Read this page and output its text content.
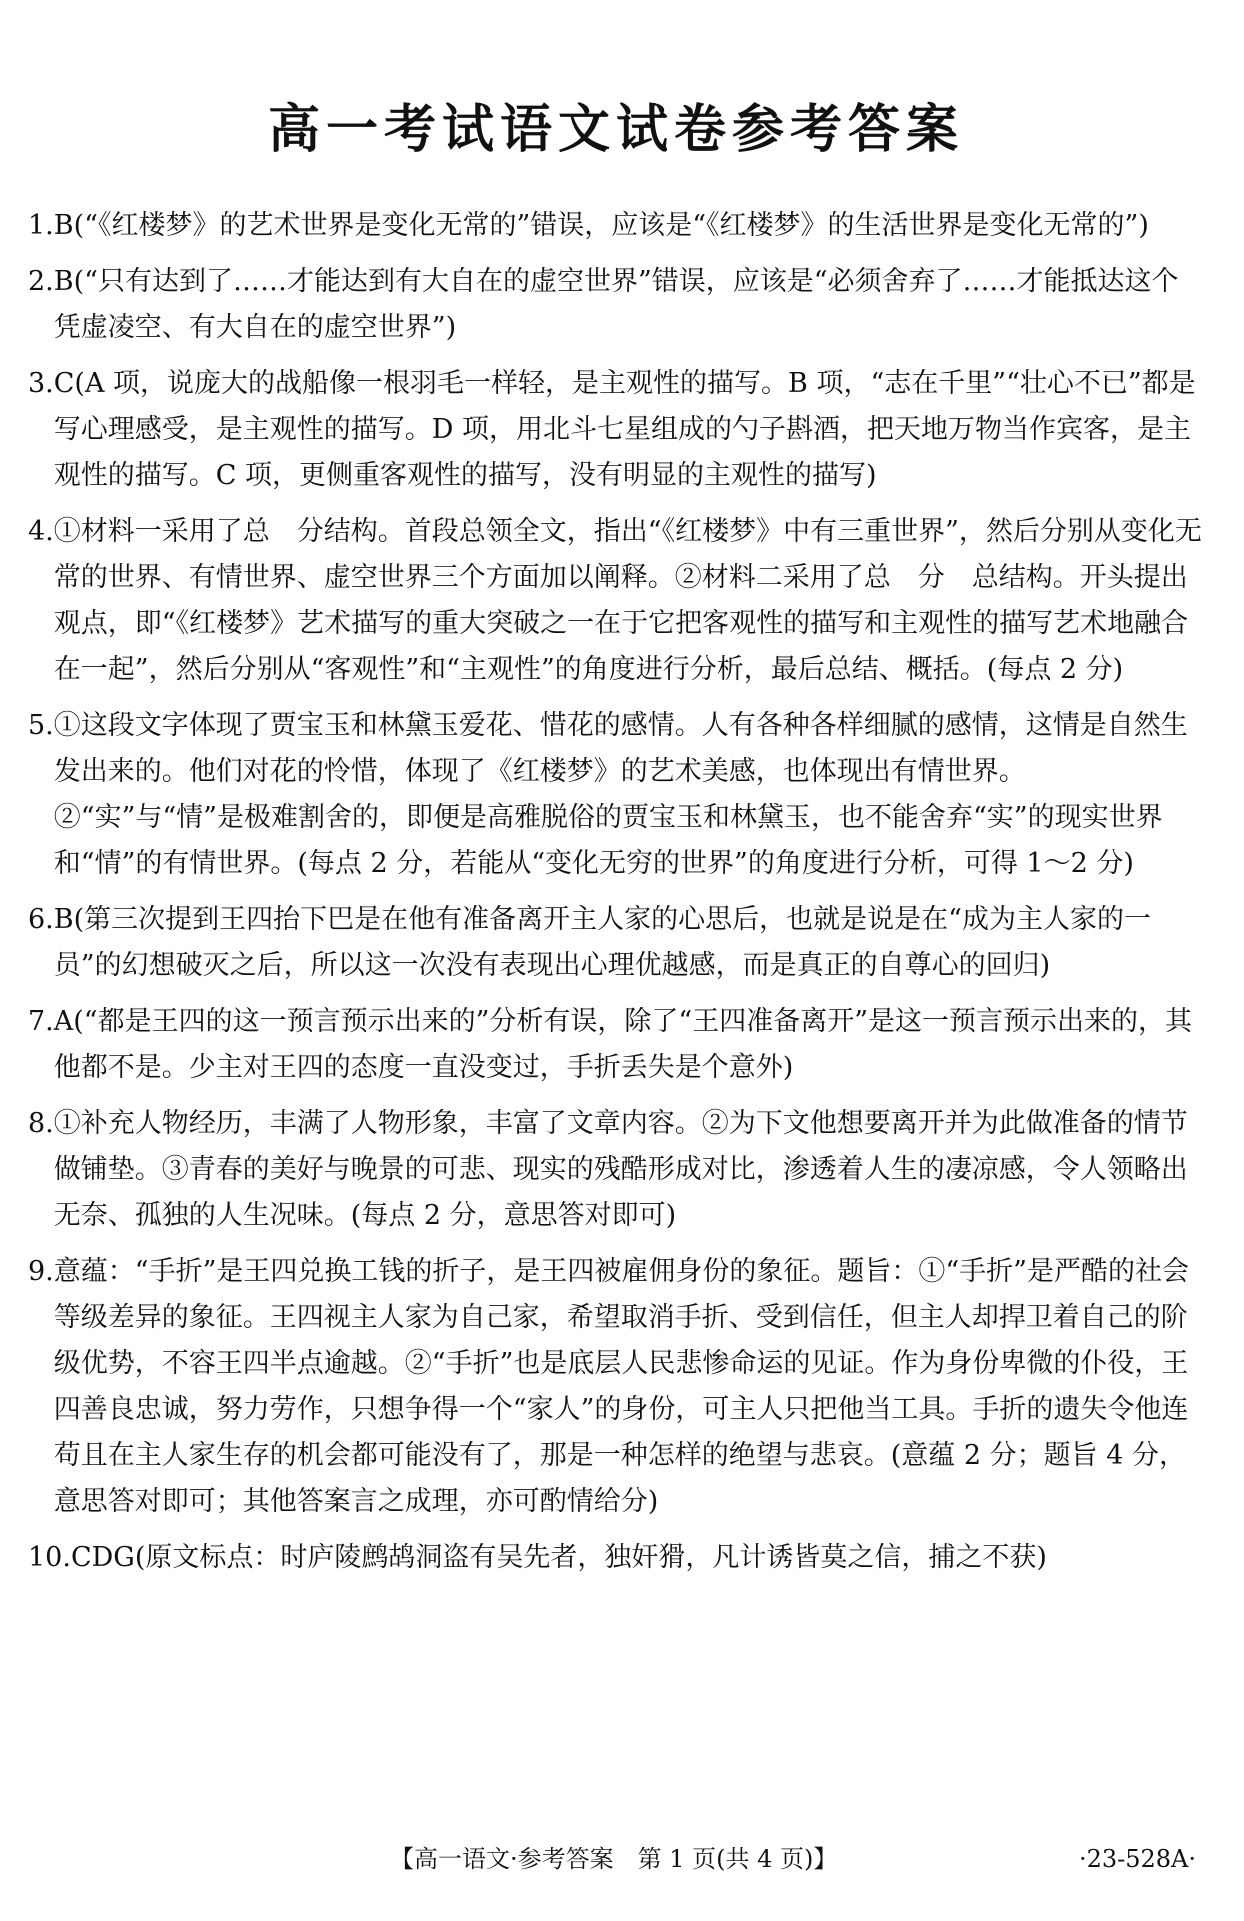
高一考试语文试卷参考答案
1. B(“《红楼梦》的艺术世界是变化无常的”错误，应该是“《红楼梦》的生活世界是变化无常的”)
2. B(“只有达到了……才能达到有大自在的虚空世界”错误，应该是“必须舍弃了……才能抵达这个凭虚凌空、有大自在的虚空世界”)
3. C(A 项，说庞大的战船像一根羽毛一样轻，是主观性的描写。B 项，“志在千里”“壮心不已”都是写心理感受，是主观性的描写。D 项，用北斗七星组成的勺子斟酒，把天地万物当作宾客，是主观性的描写。C 项，更侧重客观性的描写，没有明显的主观性的描写)
4. ①材料一采用了总　分结构。首段总领全文，指出“《红楼梦》中有三重世界”，然后分别从变化无常的世界、有情世界、虚空世界三个方面加以阐释。②材料二采用了总　分　总结构。开头提出观点，即“《红楼梦》艺术描写的重大突破之一在于它把客观性的描写和主观性的描写艺术地融合在一起”，然后分别从“客观性”和“主观性”的角度进行分析，最后总结、概括。(每点 2 分)
5. ①这段文字体现了贾宝玉和林黛玉爱花、惜花的感情。人有各种各样细腻的感情，这情是自然生发出来的。他们对花的怜惜，体现了《红楼梦》的艺术美感，也体现出有情世界。②“实”与“情”是极难割舍的，即便是高雅脱俗的贾宝玉和林黛玉，也不能舍弃“实”的现实世界和“情”的有情世界。(每点 2 分，若能从“变化无穷的世界”的角度进行分析，可得 1～2 分)
6. B(第三次提到王四抬下巴是在他有准备离开主人家的心思后，也就是说是在“成为主人家的一员”的幻想破灭之后，所以这一次没有表现出心理优越感，而是真正的自尊心的回归)
7. A(“都是王四的这一预言预示出来的”分析有误，除了“王四准备离开”是这一预言预示出来的，其他都不是。少主对王四的态度一直没变过，手折丢失是个意外)
8. ①补充人物经历，丰满了人物形象，丰富了文章内容。②为下文他想要离开并为此做准备的情节做铺垫。③青春的美好与晚景的可悲、现实的残酷形成对比，渗透着人生的凄凉感，令人领略出无奈、孤独的人生况味。(每点 2 分，意思答对即可)
9. 意蕴：“手折”是王四兑换工钱的折子，是王四被雇佣身份的象征。题旨：①“手折”是严酷的社会等级差异的象征。王四视主人家为自己家，希望取消手折、受到信任，但主人却捍卫着自己的阶级优势，不容王四半点逾越。②“手折”也是底层人民悲惨命运的见证。作为身份卑微的仆役，王四善良忠诚，努力劳作，只想争得一个“家人”的身份，可主人只把他当工具。手折的遗失令他连苟且在主人家生存的机会都可能没有了，那是一种怎样的绝望与悲哀。(意蕴 2 分；题旨 4 分，意思答对即可；其他答案言之成理，亦可酌情给分)
10. CDG(原文标点：时庐陵鹧鸪洞盗有吴先者，独奸猾，凡计诱皆莫之信，捕之不获)
【高一语文·参考答案　第 1 页(共 4 页)】	·23-528A·
